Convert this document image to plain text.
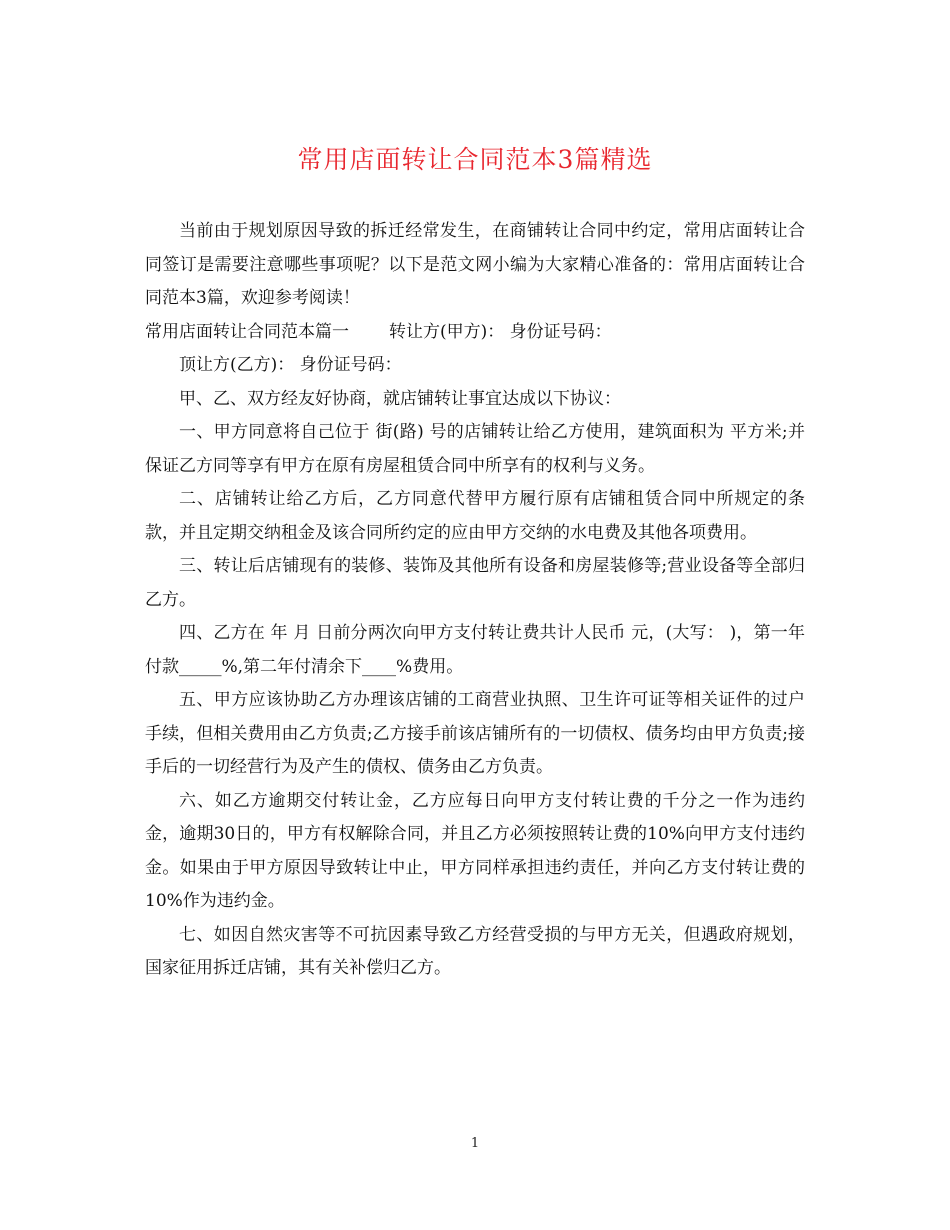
常用店面转让合同范本3篇精选

当前由于规划原因导致的拆迁经常发生，在商铺转让合同中约定，常用店面转让合同签订是需要注意哪些事项呢？以下是范文网小编为大家精心准备的：常用店面转让合同范本3篇，欢迎参考阅读！

常用店面转让合同范本篇一 转让方(甲方)： 身份证号码：

顶让方(乙方)： 身份证号码：

甲、乙、双方经友好协商，就店铺转让事宜达成以下协议：

一、甲方同意将自己位于 街(路) 号的店铺转让给乙方使用，建筑面积为 平方米;并保证乙方同等享有甲方在原有房屋租赁合同中所享有的权利与义务。

二、店铺转让给乙方后，乙方同意代替甲方履行原有店铺租赁合同中所规定的条款，并且定期交纳租金及该合同所约定的应由甲方交纳的水电费及其他各项费用。

三、转让后店铺现有的装修、装饰及其他所有设备和房屋装修等;营业设备等全部归乙方。

四、乙方在 年 月 日前分两次向甲方支付转让费共计人民币 元，(大写： )，第一年付款_____%,第二年付清余下____%费用。

五、甲方应该协助乙方办理该店铺的工商营业执照、卫生许可证等相关证件的过户手续，但相关费用由乙方负责;乙方接手前该店铺所有的一切债权、债务均由甲方负责;接手后的一切经营行为及产生的债权、债务由乙方负责。

六、如乙方逾期交付转让金，乙方应每日向甲方支付转让费的千分之一作为违约金，逾期30日的，甲方有权解除合同，并且乙方必须按照转让费的10%向甲方支付违约金。如果由于甲方原因导致转让中止，甲方同样承担违约责任，并向乙方支付转让费的10%作为违约金。

七、如因自然灾害等不可抗因素导致乙方经营受损的与甲方无关，但遇政府规划，国家征用拆迁店铺，其有关补偿归乙方。

1
